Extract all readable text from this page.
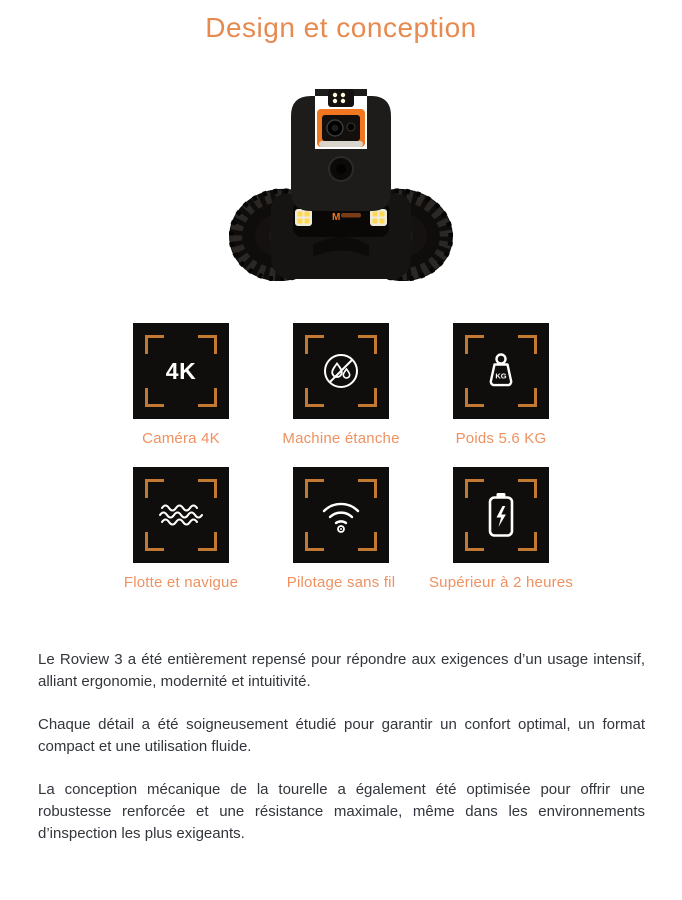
Design et conception
M
4K
Caméra 4K	Machine étanche
KG
Poids 5.6 KG
Flotte et navigue	Pilotage sans fil Supérieur à 2 heures

Le Roview 3 a été entièrement repensé pour répondre aux exigences d’un usage intensif, alliant ergonomie, modernité et intuitivité.

Chaque détail a été soigneusement étudié pour garantir un confort optimal, un format compact et une utilisation fluide.

La conception mécanique de la tourelle a également été optimisée pour offrir une robustesse renforcée et une résistance maximale, même dans les environnements d’inspection les plus exigeants.
